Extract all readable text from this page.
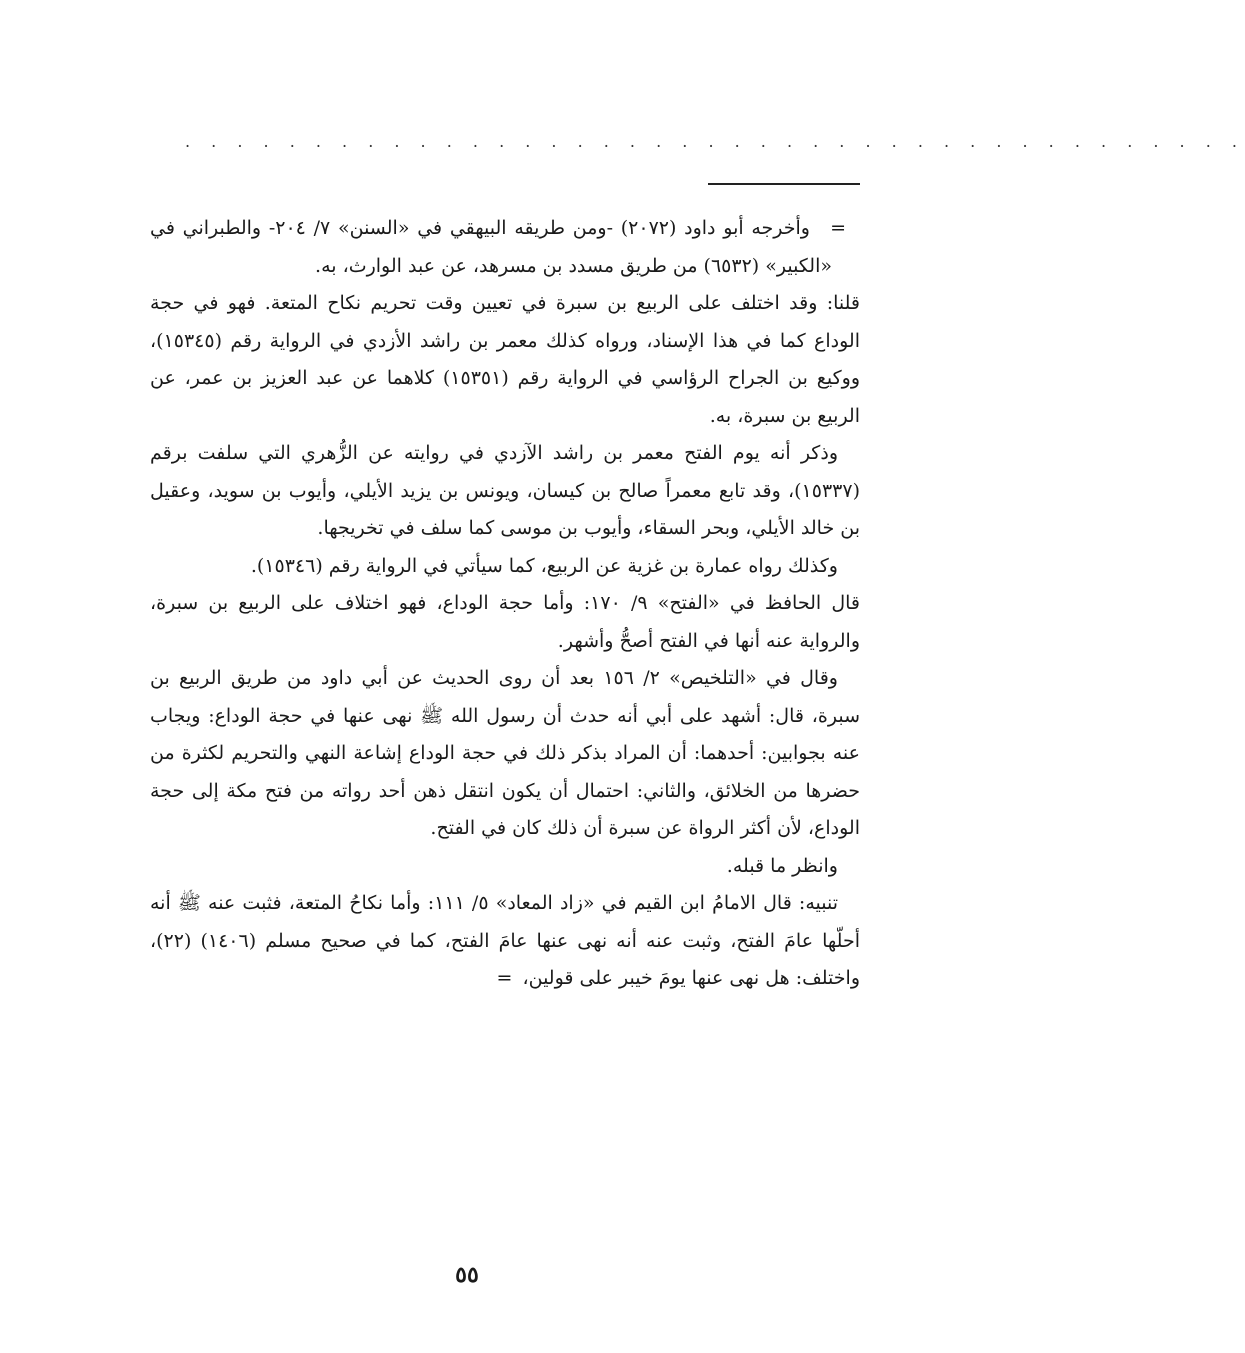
. . . . . . . . . . . . . . . . . . . . . . . . . . . . . . . . . . . . . . . . .

=
وأخرجه أبو داود (٢٠٧٢) -ومن طريقه البيهقي في «السنن» ٧/ ٢٠٤- والطبراني في «الكبير» (٦٥٣٢) من طريق مسدد بن مسرهد، عن عبد الوارث، به.

قلنا: وقد اختلف على الربيع بن سبرة في تعيين وقت تحريم نكاح المتعة. فهو في حجة الوداع كما في هذا الإسناد، ورواه كذلك معمر بن راشد الأزدي في الرواية رقم (١٥٣٤٥)، ووكيع بن الجراح الرؤاسي في الرواية رقم (١٥٣٥١) كلاهما عن عبد العزيز بن عمر، عن الربيع بن سبرة، به.

وذكر أنه يوم الفتح معمر بن راشد الآزدي في روايته عن الزُّهري التي سلفت برقم (١٥٣٣٧)، وقد تابع معمراً صالح بن كيسان، ويونس بن يزيد الأيلي، وأيوب بن سويد، وعقيل بن خالد الأيلي، وبحر السقاء، وأيوب بن موسى كما سلف في تخريجها.

وكذلك رواه عمارة بن غزية عن الربيع، كما سيأتي في الرواية رقم (١٥٣٤٦).

قال الحافظ في «الفتح» ٩/ ١٧٠: وأما حجة الوداع، فهو اختلاف على الربيع بن سبرة، والرواية عنه أنها في الفتح أصحُّ وأشهر.

وقال في «التلخيص» ٢/ ١٥٦ بعد أن روى الحديث عن أبي داود من طريق الربيع بن سبرة، قال: أشهد على أبي أنه حدث أن رسول الله ﷺ نهى عنها في حجة الوداع: ويجاب عنه بجوابين: أحدهما: أن المراد بذكر ذلك في حجة الوداع إشاعة النهي والتحريم لكثرة من حضرها من الخلائق، والثاني: احتمال أن يكون انتقل ذهن أحد رواته من فتح مكة إلى حجة الوداع، لأن أكثر الرواة عن سبرة أن ذلك كان في الفتح.

وانظر ما قبله.

تنبيه: قال الامامُ ابن القيم في «زاد المعاد» ٥/ ١١١: وأما نكاحُ المتعة، فثبت عنه ﷺ أنه أحلّها عامَ الفتح، وثبت عنه أنه نهى عنها عامَ الفتح، كما في صحيح مسلم (١٤٠٦) (٢٢)، واختلف: هل نهى عنها يومَ خيبر على قولين، =

٥٥
